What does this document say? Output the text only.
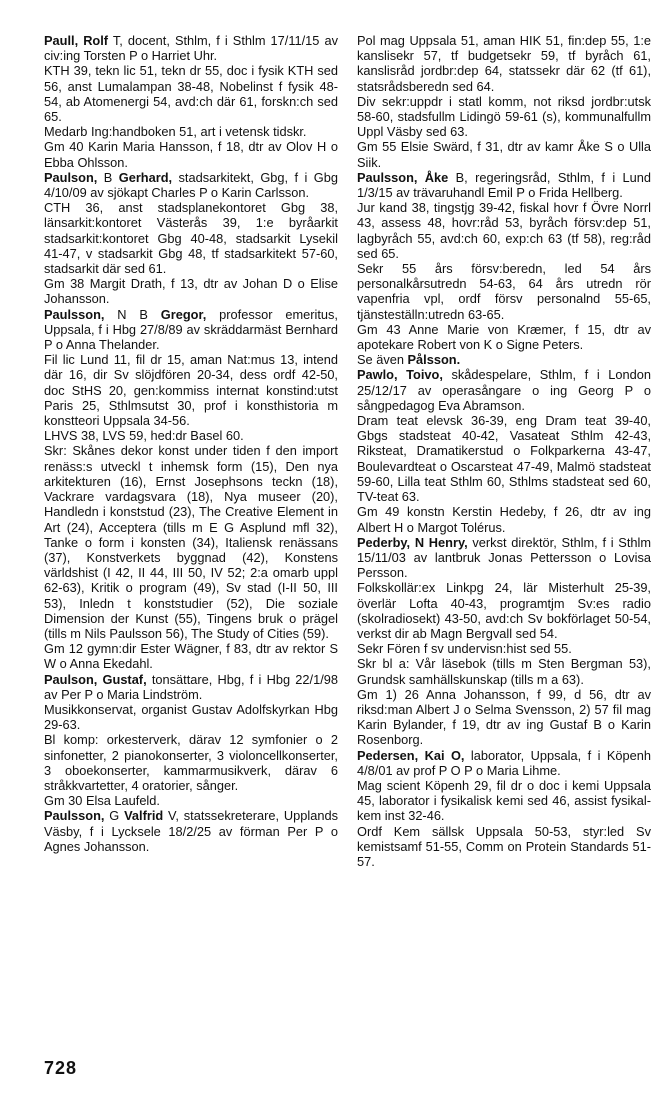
Paull, Rolf T, docent, Sthlm, f i Sthlm 17/11/15 av civ:ing Torsten P o Harriet Uhr.

KTH 39, tekn lic 51, tekn dr 55, doc i fysik KTH sed 56, anst Lumalampan 38-48, Nobelinst f fysik 48-54, ab Atomenergi 54, avd:ch där 61, forskn:ch sed 65.

Medarb Ing:handboken 51, art i vetensk tidskr.

Gm 40 Karin Maria Hansson, f 18, dtr av Olov H o Ebba Ohlsson.

Paulson, B Gerhard, stadsarkitekt, Gbg, f i Gbg 4/10/09 av sjökapt Charles P o Karin Carlsson.

CTH 36, anst stadsplanekontoret Gbg 38, länsarkit:kontoret Västerås 39, 1:e byråarkit stadsarkit:kontoret Gbg 40-48, stadsarkit Lysekil 41-47, v stadsarkit Gbg 48, tf stadsarkitekt 57-60, stadsarkit där sed 61.

Gm 38 Margit Drath, f 13, dtr av Johan D o Elise Johansson.

Paulsson, N B Gregor, professor emeritus, Uppsala, f i Hbg 27/8/89 av skräddarmäst Bernhard P o Anna Thelander.

Fil lic Lund 11, fil dr 15, aman Nat:mus 13, intend där 16, dir Sv slöjdfören 20-34, dess ordf 42-50, doc StHS 20, gen:kommiss internat konstind:utst Paris 25, Sthlmsutst 30, prof i konsthistoria m konstteori Uppsala 34-56.

LHVS 38, LVS 59, hed:dr Basel 60.

Skr: Skånes dekor konst under tiden f den import renäss:s utveckl t inhemsk form (15), Den nya arkitekturen (16), Ernst Josephsons teckn (18), Vackrare vardagsvara (18), Nya museer (20), Handledn i konststud (23), The Creative Element in Art (24), Acceptera (tills m E G Asplund mfl 32), Tanke o form i konsten (34), Italiensk renässans (37), Konstverkets byggnad (42), Konstens världshist (I 42, II 44, III 50, IV 52; 2:a omarb uppl 62-63), Kritik o program (49), Sv stad (I-II 50, III 53), Inledn t konststudier (52), Die soziale Dimension der Kunst (55), Tingens bruk o prägel (tills m Nils Paulsson 56), The Study of Cities (59).

Gm 12 gymn:dir Ester Wägner, f 83, dtr av rektor S W o Anna Ekedahl.

Paulson, Gustaf, tonsättare, Hbg, f i Hbg 22/1/98 av Per P o Maria Lindström.

Musikkonservat, organist Gustav Adolfskyrkan Hbg 29-63.

Bl komp: orkesterverk, därav 12 symfonier o 2 sinfonetter, 2 pianokonserter, 3 violoncellkonserter, 3 oboekonserter, kammarmusikverk, därav 6 stråkkvartetter, 4 oratorier, sånger.

Gm 30 Elsa Laufeld.

Paulsson, G Valfrid V, statssekreterare, Upplands Väsby, f i Lycksele 18/2/25 av förman Per P o Agnes Johansson.

Pol mag Uppsala 51, aman HIK 51, fin:dep 55, 1:e kanslisekr 57, tf budgetsekr 59, tf byråch 61, kanslisråd jordbr:dep 64, statssekr där 62 (tf 61), statsrådsberedn sed 64.

Div sekr:uppdr i statl komm, not riksd jordbr:utsk 58-60, stadsfullm Lidingö 59-61 (s), kommunalfullm Uppl Väsby sed 63.

Gm 55 Elsie Swärd, f 31, dtr av kamr Åke S o Ulla Siik.

Paulsson, Åke B, regeringsråd, Sthlm, f i Lund 1/3/15 av trävaruhandl Emil P o Frida Hellberg.

Jur kand 38, tingstjg 39-42, fiskal hovr f Övre Norrl 43, assess 48, hovr:råd 53, byråch försv:dep 51, lagbyråch 55, avd:ch 60, exp:ch 63 (tf 58), reg:råd sed 65.

Sekr 55 års försv:beredn, led 54 års personalkårsutredn 54-63, 64 års utredn rör vapenfria vpl, ordf försv personalnd 55-65, tjänsteställn:utredn 63-65.

Gm 43 Anne Marie von Kræmer, f 15, dtr av apotekare Robert von K o Signe Peters.

Se även Pålsson.

Pawlo, Toivo, skådespelare, Sthlm, f i London 25/12/17 av operasångare o ing Georg P o sångpedagog Eva Abramson.

Dram teat elevsk 36-39, eng Dram teat 39-40, Gbgs stadsteat 40-42, Vasateat Sthlm 42-43, Riksteat, Dramatikerstud o Folkparkerna 43-47, Boulevardteat o Oscarsteat 47-49, Malmö stadsteat 59-60, Lilla teat Sthlm 60, Sthlms stadsteat sed 60, TV-teat 63.

Gm 49 konstn Kerstin Hedeby, f 26, dtr av ing Albert H o Margot Tolérus.

Pederby, N Henry, verkst direktör, Sthlm, f i Sthlm 15/11/03 av lantbruk Jonas Pettersson o Lovisa Persson.

Folkskollär:ex Linkpg 24, lär Misterhult 25-39, överlär Lofta 40-43, programtjm Sv:es radio (skolradiosekt) 43-50, avd:ch Sv bokförlaget 50-54, verkst dir ab Magn Bergvall sed 54.

Sekr Fören f sv undervisn:hist sed 55.

Skr bl a: Vår läsebok (tills m Sten Bergman 53), Grundsk samhällskunskap (tills m a 63).

Gm 1) 26 Anna Johansson, f 99, d 56, dtr av riksd:man Albert J o Selma Svensson, 2) 57 fil mag Karin Bylander, f 19, dtr av ing Gustaf B o Karin Rosenborg.

Pedersen, Kai O, laborator, Uppsala, f i Köpenh 4/8/01 av prof P O P o Maria Lihme.

Mag scient Köpenh 29, fil dr o doc i kemi Uppsala 45, laborator i fysikalisk kemi sed 46, assist fysikal-kem inst 32-46.

Ordf Kem sällsk Uppsala 50-53, styr:led Sv kemistsamf 51-55, Comm on Protein Standards 51-57.

728
